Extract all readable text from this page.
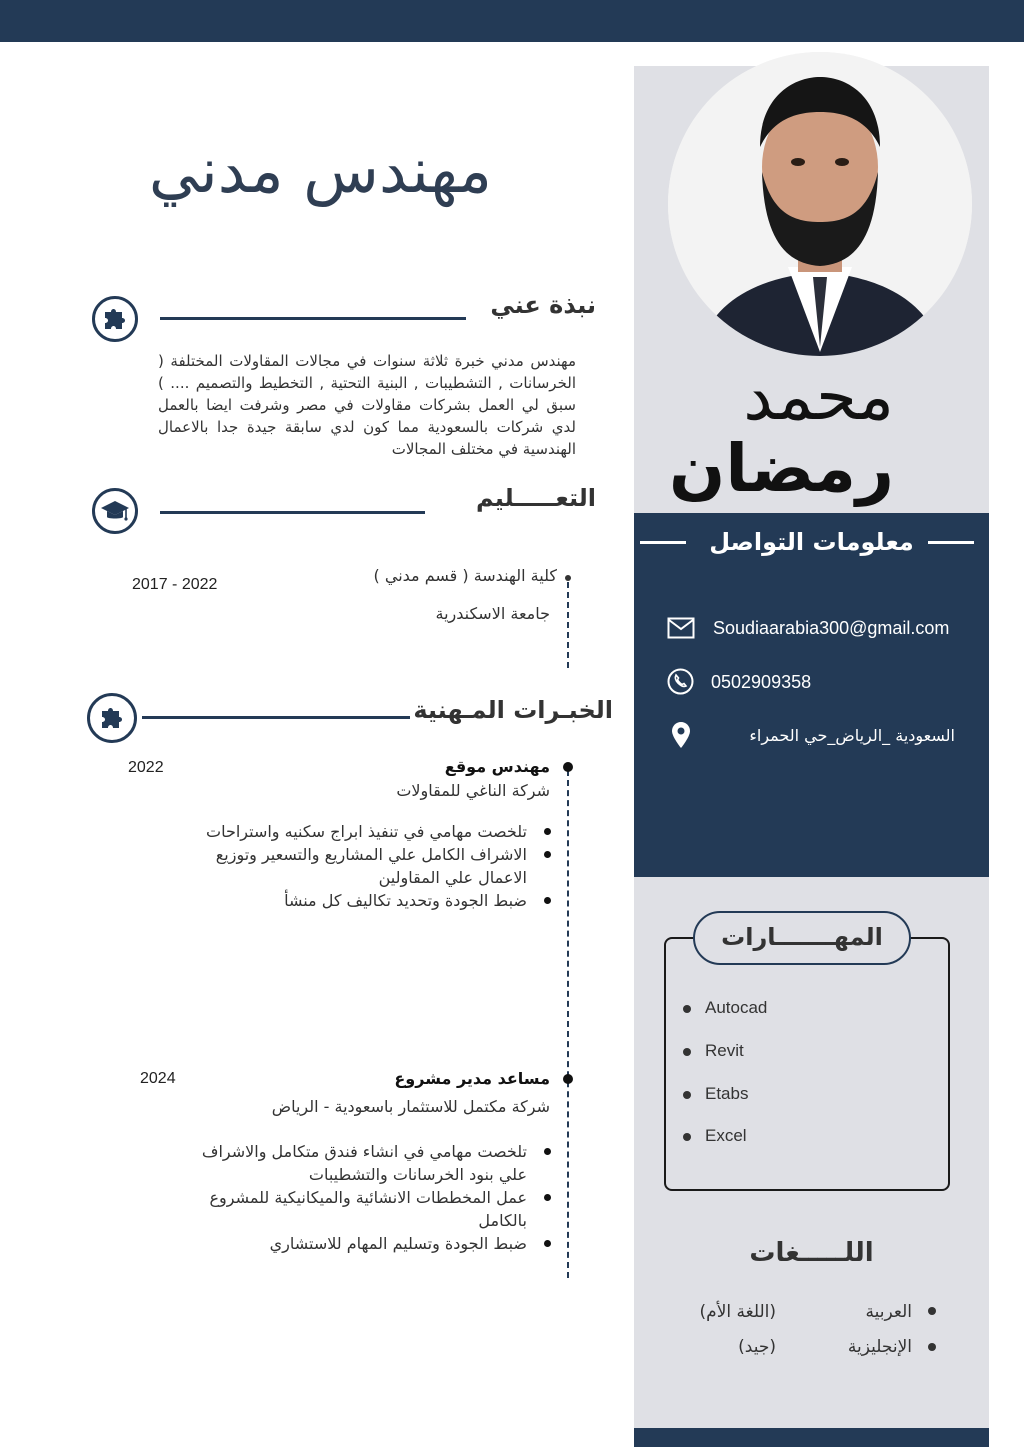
محمد
رمضان
معلومات التواصل
Soudiaarabia300@gmail.com
0502909358
السعودية _الرياض_حي الحمراء
المهـــــــارات
Autocad
Revit
Etabs
Excel
اللـــــغات
العربية
(اللغة الأم)
الإنجليزية
(جيد)
مهندس مدني
نبذة عني
مهندس مدني خبرة ثلاثة سنوات في مجالات المقاولات المختلفة ( الخرسانات , التشطيبات , البنية التحتية , التخطيط والتصميم .... ) سبق لي العمل بشركات مقاولات في مصر وشرفت ايضا بالعمل لدي شركات بالسعودية مما كون لدي سابقة جيدة جدا بالاعمال الهندسية في مختلف المجالات
التعـــــليم
كلية الهندسة ( قسم مدني )
جامعة الاسكندرية
2017 - 2022
الخبـرات المـهنية
مهندس موقع
2022
شركة الناغي للمقاولات
تلخصت مهامي في تنفيذ ابراج سكنيه واستراحات
الاشراف الكامل علي المشاريع والتسعير وتوزيع الاعمال علي المقاولين
ضبط الجودة وتحديد تكاليف كل منشأ
مساعد مدير مشروع
2024
شركة مكتمل للاستثمار باسعودية - الرياض
تلخصت مهامي في انشاء فندق متكامل والاشراف علي بنود الخرسانات والتشطيبات
عمل المخططات الانشائية والميكانيكية للمشروع بالكامل
ضبط الجودة وتسليم المهام للاستشاري
